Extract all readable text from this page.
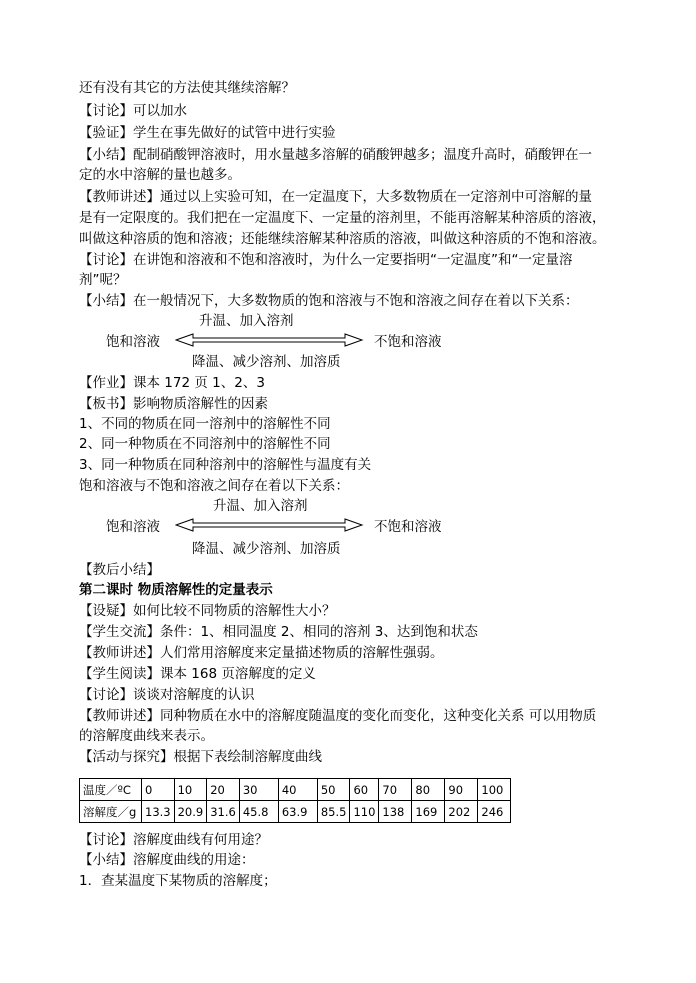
还有没有其它的方法使其继续溶解？
【讨论】可以加水
【验证】学生在事先做好的试管中进行实验
【小结】配制硝酸钾溶液时，用水量越多溶解的硝酸钾越多；温度升高时，硝酸钾在一
定的水中溶解的量也越多。
【教师讲述】通过以上实验可知，在一定温度下，大多数物质在一定溶剂中可溶解的量
是有一定限度的。我们把在一定温度下、一定量的溶剂里，不能再溶解某种溶质的溶液，
叫做这种溶质的饱和溶液；还能继续溶解某种溶质的溶液，叫做这种溶质的不饱和溶液。
【讨论】在讲饱和溶液和不饱和溶液时，为什么一定要指明“一定温度”和“一定量溶
剂”呢？
【小结】在一般情况下，大多数物质的饱和溶液与不饱和溶液之间存在着以下关系：
升温、加入溶剂
饱和溶液	不饱和溶液
降温、减少溶剂、加溶质
【作业】课本 172 页 1、2、3
【板书】影响物质溶解性的因素
1、不同的物质在同一溶剂中的溶解性不同
2、同一种物质在不同溶剂中的溶解性不同
3、同一种物质在同种溶剂中的溶解性与温度有关
饱和溶液与不饱和溶液之间存在着以下关系：
升温、加入溶剂
饱和溶液	不饱和溶液
降温、减少溶剂、加溶质
【教后小结】
第二课时 物质溶解性的定量表示
【设疑】如何比较不同物质的溶解性大小？
【学生交流】条件：1、相同温度 2、相同的溶剂 3、达到饱和状态
【教师讲述】人们常用溶解度来定量描述物质的溶解性强弱。
【学生阅读】课本 168 页溶解度的定义
【讨论】谈谈对溶解度的认识
【教师讲述】同种物质在水中的溶解度随温度的变化而变化，这种变化关系 可以用物质
的溶解度曲线来表示。
【活动与探究】根据下表绘制溶解度曲线
温度／ºC	0	10	20	30	40	50	60	70	80	90	100
溶解度／g	13.3	20.9	31.6	45.8	63.9	85.5	110	138	169	202	246
【讨论】溶解度曲线有何用途？
【小结】溶解度曲线的用途：
1．查某温度下某物质的溶解度；
